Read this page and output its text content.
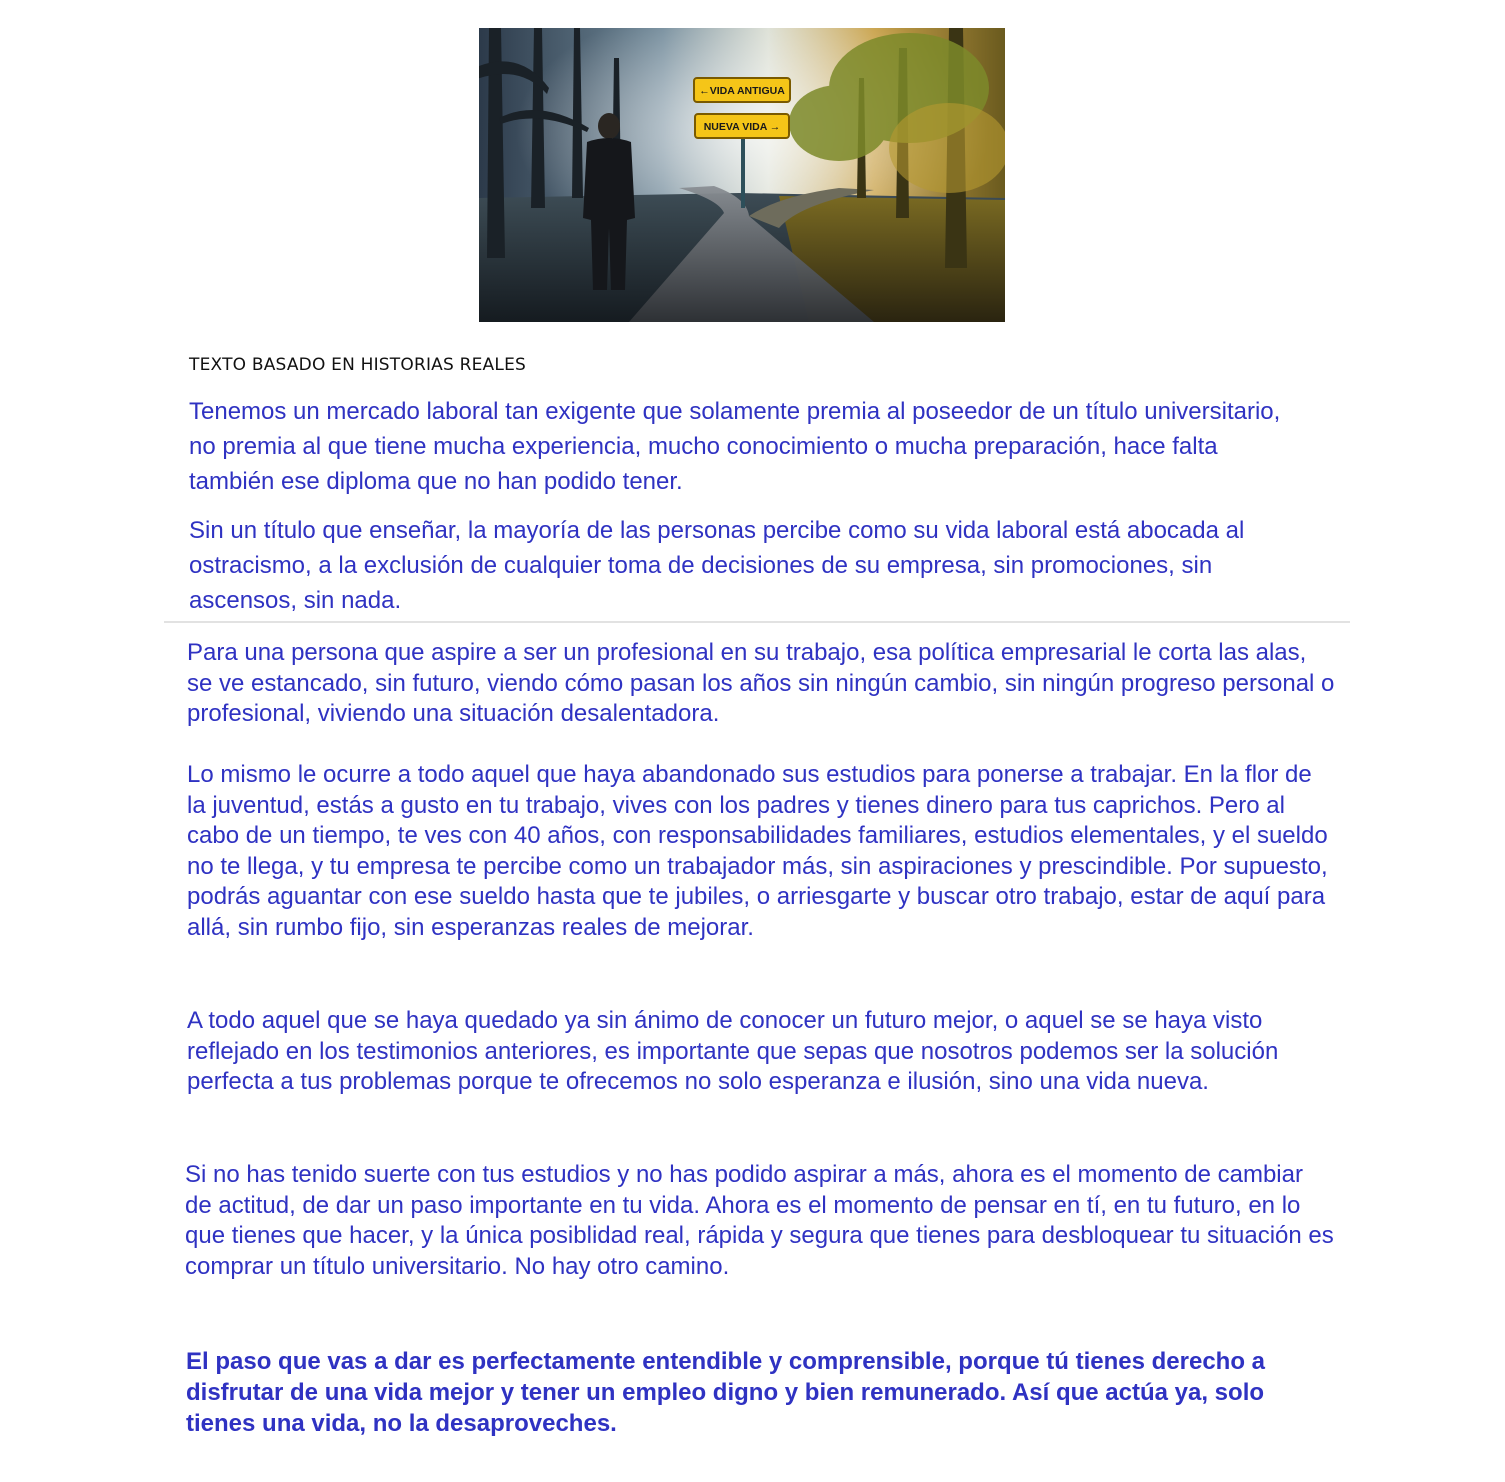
←VIDA ANTIGUA
NUEVA VIDA →
TEXTO BASADO EN HISTORIAS REALES

Tenemos un mercado laboral tan exigente que solamente premia al poseedor de un título universitario, no premia al que tiene mucha experiencia, mucho conocimiento o mucha preparación, hace falta también ese diploma que no han podido tener.

Sin un título que enseñar, la mayoría de las personas percibe como su vida laboral está abocada al ostracismo, a la exclusión de cualquier toma de decisiones de su empresa, sin promociones, sin ascensos, sin nada.

Para una persona que aspire a ser un profesional en su trabajo, esa política empresarial le corta las alas, se ve estancado, sin futuro, viendo cómo pasan los años sin ningún cambio, sin ningún progreso personal o profesional, viviendo una situación desalentadora.

Lo mismo le ocurre a todo aquel que haya abandonado sus estudios para ponerse a trabajar. En la flor de la juventud, estás a gusto en tu trabajo, vives con los padres y tienes dinero para tus caprichos. Pero al cabo de un tiempo, te ves con 40 años, con responsabilidades familiares, estudios elementales, y el sueldo no te llega, y tu empresa te percibe como un trabajador más, sin aspiraciones y prescindible. Por supuesto, podrás aguantar con ese sueldo hasta que te jubiles, o arriesgarte y buscar otro trabajo, estar de aquí para allá, sin rumbo fijo, sin esperanzas reales de mejorar.

A todo aquel que se haya quedado ya sin ánimo de conocer un futuro mejor, o aquel se se haya visto reflejado en los testimonios anteriores, es importante que sepas que nosotros podemos ser la solución perfecta a tus problemas porque te ofrecemos no solo esperanza e ilusión, sino una vida nueva.

Si no has tenido suerte con tus estudios y no has podido aspirar a más, ahora es el momento de cambiar de actitud, de dar un paso importante en tu vida. Ahora es el momento de pensar en tí, en tu futuro, en lo que tienes que hacer, y la única posiblidad real, rápida y segura que tienes para desbloquear tu situación es comprar un título universitario. No hay otro camino.

El paso que vas a dar es perfectamente entendible y comprensible, porque tú tienes derecho a disfrutar de una vida mejor y tener un empleo digno y bien remunerado. Así que actúa ya, solo tienes una vida, no la desaproveches.
